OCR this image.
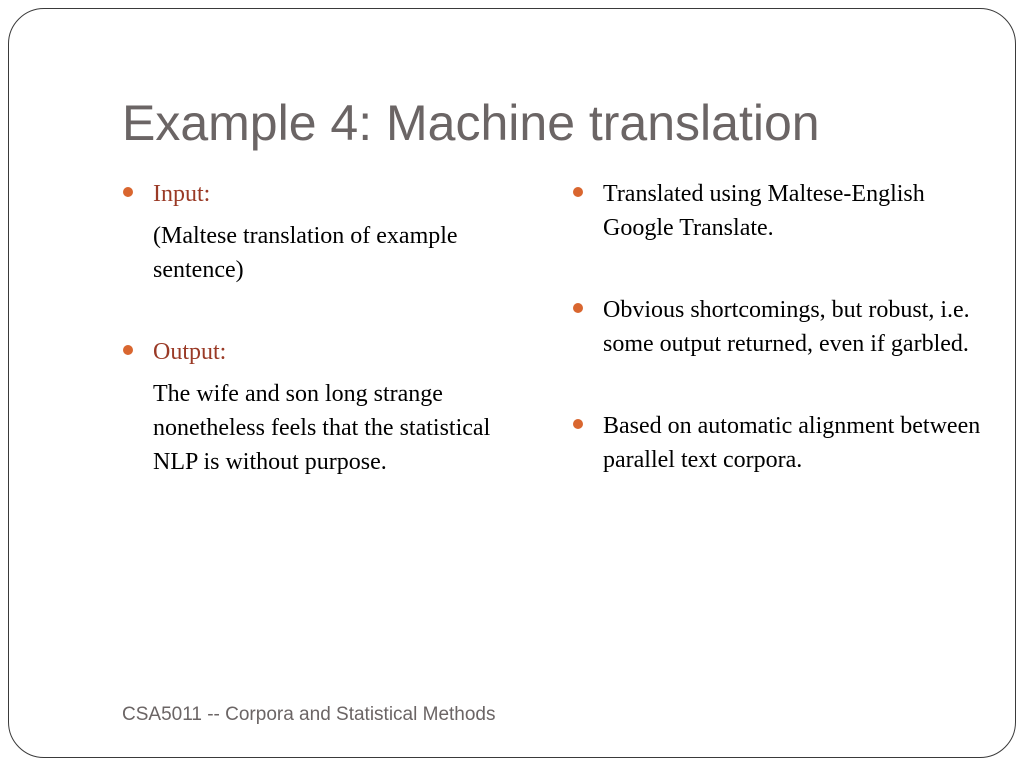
Example 4: Machine translation
Input:

(Maltese translation of example sentence)

Output:

The wife and son long strange nonetheless feels that the statistical NLP is without purpose.

Translated using Maltese-English Google Translate.
Obvious shortcomings, but robust, i.e. some output returned, even if garbled.
Based on automatic alignment between parallel text corpora.

CSA5011 -- Corpora and Statistical Methods
